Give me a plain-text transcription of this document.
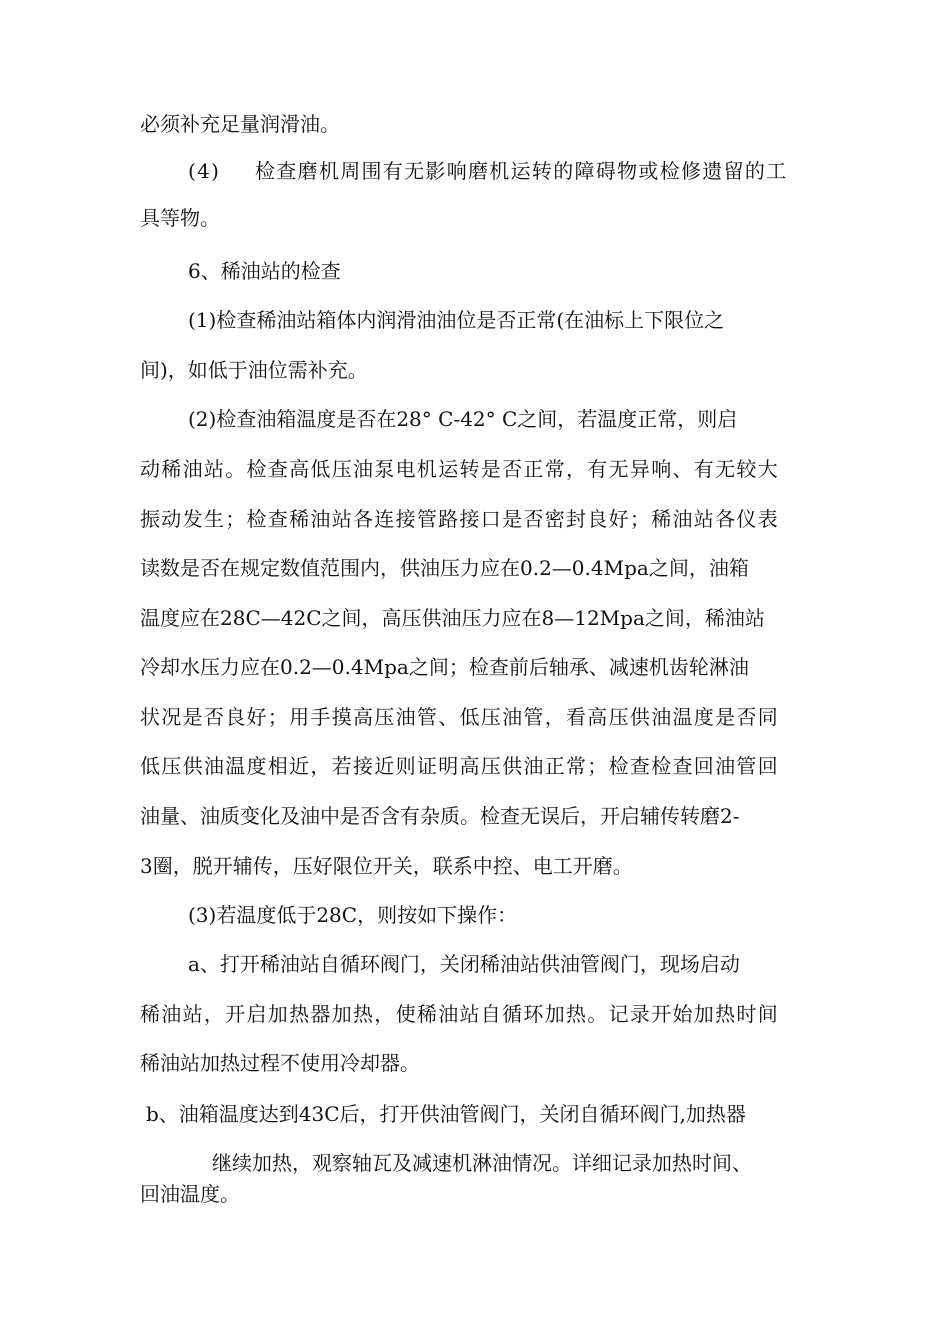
必须补充足量润滑油。
(4) 检查磨机周围有无影响磨机运转的障碍物或检修遗留的工
具等物。
6、稀油站的检查
(1)检查稀油站箱体内润滑油油位是否正常(在油标上下限位之
间)，如低于油位需补充。
(2)检查油箱温度是否在28° C-42° C之间，若温度正常，则启
动稀油站。检查高低压油泵电机运转是否正常，有无异响、有无较大
振动发生；检查稀油站各连接管路接口是否密封良好；稀油站各仪表
读数是否在规定数值范围内，供油压力应在0.2—0.4Mpa之间，油箱
温度应在28C—42C之间，高压供油压力应在8—12Mpa之间，稀油站
冷却水压力应在0.2—0.4Mpa之间；检查前后轴承、减速机齿轮淋油
状况是否良好；用手摸高压油管、低压油管，看高压供油温度是否同
低压供油温度相近，若接近则证明高压供油正常；检查检查回油管回
油量、油质变化及油中是否含有杂质。检查无误后，开启辅传转磨2-
3圈，脱开辅传，压好限位开关，联系中控、电工开磨。
(3)若温度低于28C，则按如下操作：
a、打开稀油站自循环阀门，关闭稀油站供油管阀门，现场启动
稀油站，开启加热器加热，使稀油站自循环加热。记录开始加热时间
稀油站加热过程不使用冷却器。
b、油箱温度达到43C后，打开供油管阀门，关闭自循环阀门,加热器
继续加热，观察轴瓦及减速机淋油情况。详细记录加热时间、
回油温度。
